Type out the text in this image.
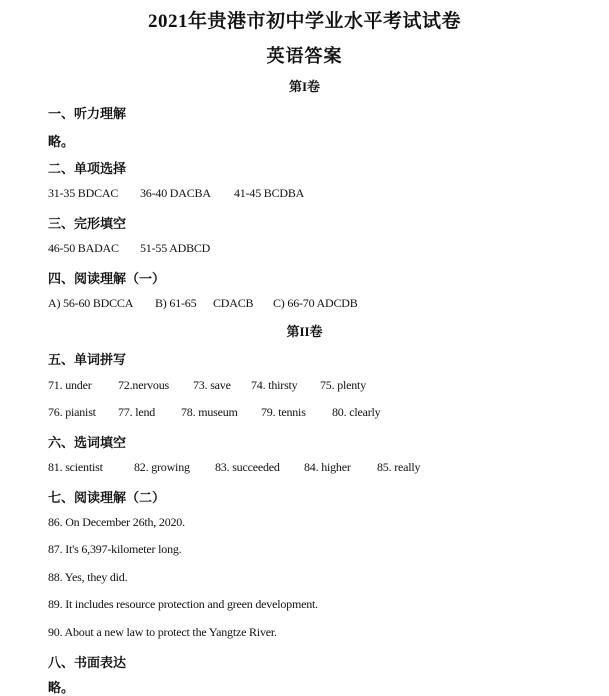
2021年贵港市初中学业水平考试试卷
英语答案
第I卷
一、听力理解
略。
二、单项选择
31-35 BDCAC 36-40 DACBA 41-45 BCDBA
三、完形填空
46-50 BADAC 51-55 ADBCD
四、阅读理解（一）
A) 56-60 BDCCA B) 61-65 CDACB C) 66-70 ADCDB
第II卷
五、单词拼写
71. under 72.nervous 73. save 74. thirsty 75. plenty
76. pianist 77. lend 78. museum 79. tennis 80. clearly
六、选词填空
81. scientist	82. growing 83. succeeded 84. higher 85. really
七、阅读理解（二）
86. On December 26th, 2020.
87. It's 6,397-kilometer long.
88. Yes, they did.
89. It includes resource protection and green development.
90. About a new law to protect the Yangtze River.
八、书面表达
略。
